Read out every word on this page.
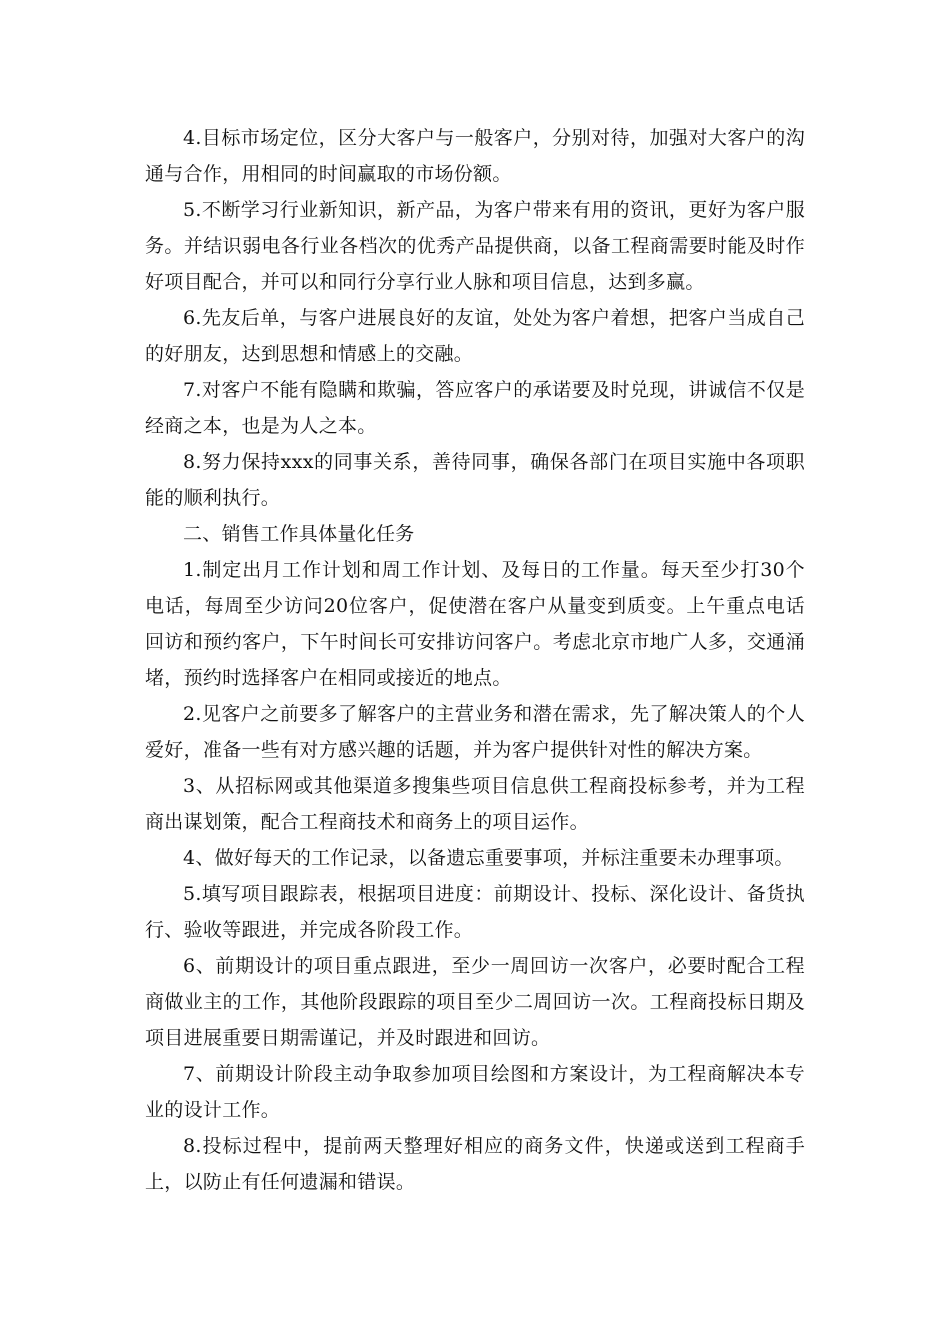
4.目标市场定位，区分大客户与一般客户，分别对待，加强对大客户的沟通与合作，用相同的时间赢取的市场份额。

5.不断学习行业新知识，新产品，为客户带来有用的资讯，更好为客户服务。并结识弱电各行业各档次的优秀产品提供商，以备工程商需要时能及时作好项目配合，并可以和同行分享行业人脉和项目信息，达到多赢。

6.先友后单，与客户进展良好的友谊，处处为客户着想，把客户当成自己的好朋友，达到思想和情感上的交融。

7.对客户不能有隐瞒和欺骗，答应客户的承诺要及时兑现，讲诚信不仅是经商之本，也是为人之本。

8.努力保持xxx的同事关系，善待同事，确保各部门在项目实施中各项职能的顺利执行。

二、销售工作具体量化任务

1.制定出月工作计划和周工作计划、及每日的工作量。每天至少打30个电话，每周至少访问20位客户，促使潜在客户从量变到质变。上午重点电话回访和预约客户，下午时间长可安排访问客户。考虑北京市地广人多，交通涌堵，预约时选择客户在相同或接近的地点。

2.见客户之前要多了解客户的主营业务和潜在需求，先了解决策人的个人爱好，准备一些有对方感兴趣的话题，并为客户提供针对性的解决方案。

3、从招标网或其他渠道多搜集些项目信息供工程商投标参考，并为工程商出谋划策，配合工程商技术和商务上的项目运作。

4、做好每天的工作记录，以备遗忘重要事项，并标注重要未办理事项。

5.填写项目跟踪表，根据项目进度：前期设计、投标、深化设计、备货执行、验收等跟进，并完成各阶段工作。

6、前期设计的项目重点跟进，至少一周回访一次客户，必要时配合工程商做业主的工作，其他阶段跟踪的项目至少二周回访一次。工程商投标日期及项目进展重要日期需谨记，并及时跟进和回访。

7、前期设计阶段主动争取参加项目绘图和方案设计，为工程商解决本专业的设计工作。

8.投标过程中，提前两天整理好相应的商务文件，快递或送到工程商手上，以防止有任何遗漏和错误。
